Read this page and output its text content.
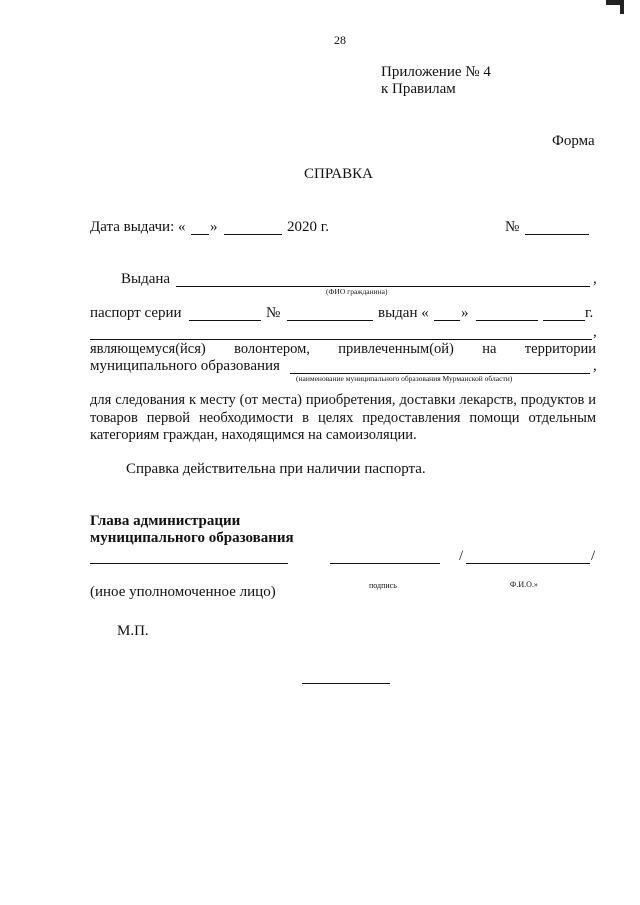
28
Приложение № 4
к Правилам
Форма
СПРАВКА
Дата выдачи: « »	2020 г.	№
Выдана	,
(ФИО гражданина)
паспорт серии	№	выдан « »	г.
,
являющемуся(йся) волонтером, привлеченным(ой) на территории
муниципального образования	,
(наименование муниципального образования Мурманской области)
для следования к месту (от места) приобретения, доставки лекарств, продуктов и товаров первой необходимости в целях предоставления помощи отдельным категориям граждан, находящимся на самоизоляции.
Справка действительна при наличии паспорта.
Глава администрации
муниципального образования
/	/
(иное уполномоченное лицо)	подпись	Ф.И.О.»
М.П.
